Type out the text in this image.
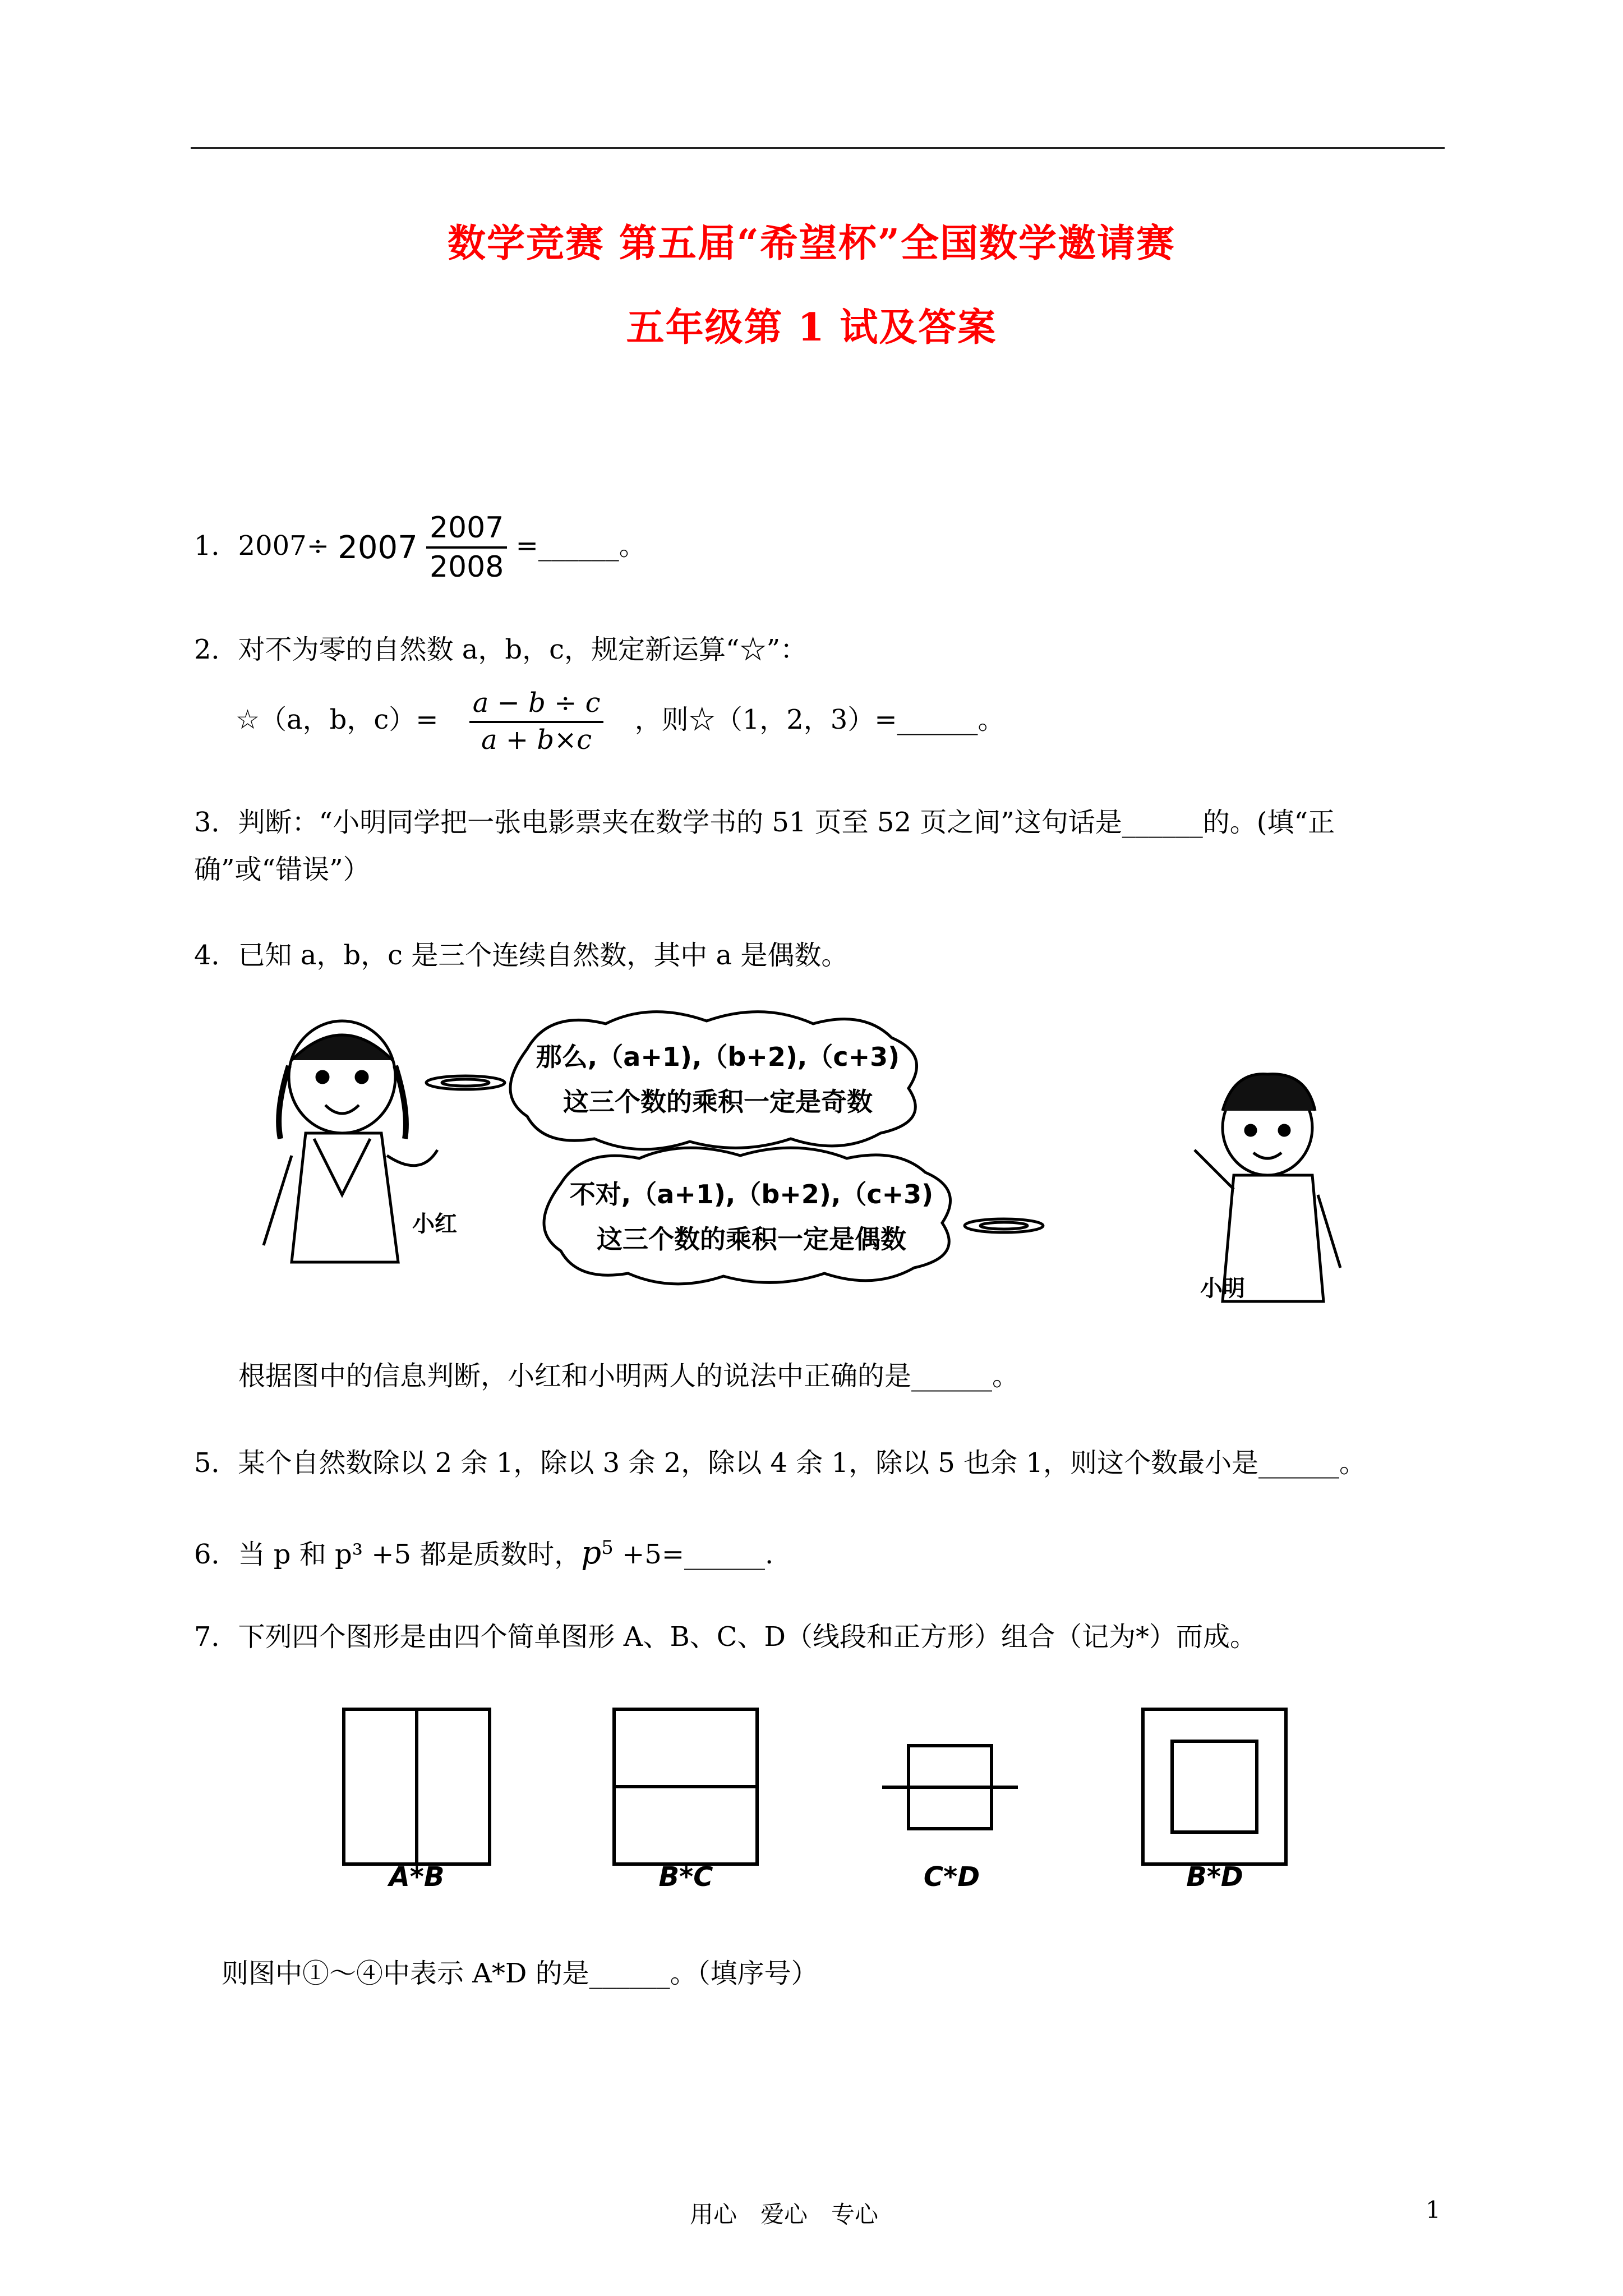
数学竞赛 第五届“希望杯”全国数学邀请赛
五年级第 1 试及答案
1．$2007\div 2007 \frac{2007}{2008}$ =______。
2．对不为零的自然数 a，b，c，规定新运算“☆”：
☆（a，b，$c)= \frac{a - b \div c}{a + b\times c}$ ，则☆（1，2，3）=______。
3．判断：“小明同学把一张电影票夹在数学书的 51 页至 52 页之间”这句话是______的。(填“正
确”或“错误”）
4．已知 a，b，c 是三个连续自然数，其中 a 是偶数。
小红
那么,（a+1),（b+2),（c+3)
这三个数的乘积一定是奇数
不对,（a+1),（b+2),（c+3)
这三个数的乘积一定是偶数
小明
根据图中的信息判断，小红和小明两人的说法中正确的是______。
5．某个自然数除以 2 余 1，除以 3 余 2，除以 4 余 1，除以 5 也余 1，则这个数最小是______。
6．当 p 和 p³ +5 都是质数时，$p^5$ +5=______.
7．下列四个图形是由四个简单图形 A、B、C、D（线段和正方形）组合（记为*）而成。
A*B	B*C	C*D	B*D
则图中①～④中表示 A*D 的是______。（填序号）
用心　爱心　专心	1
